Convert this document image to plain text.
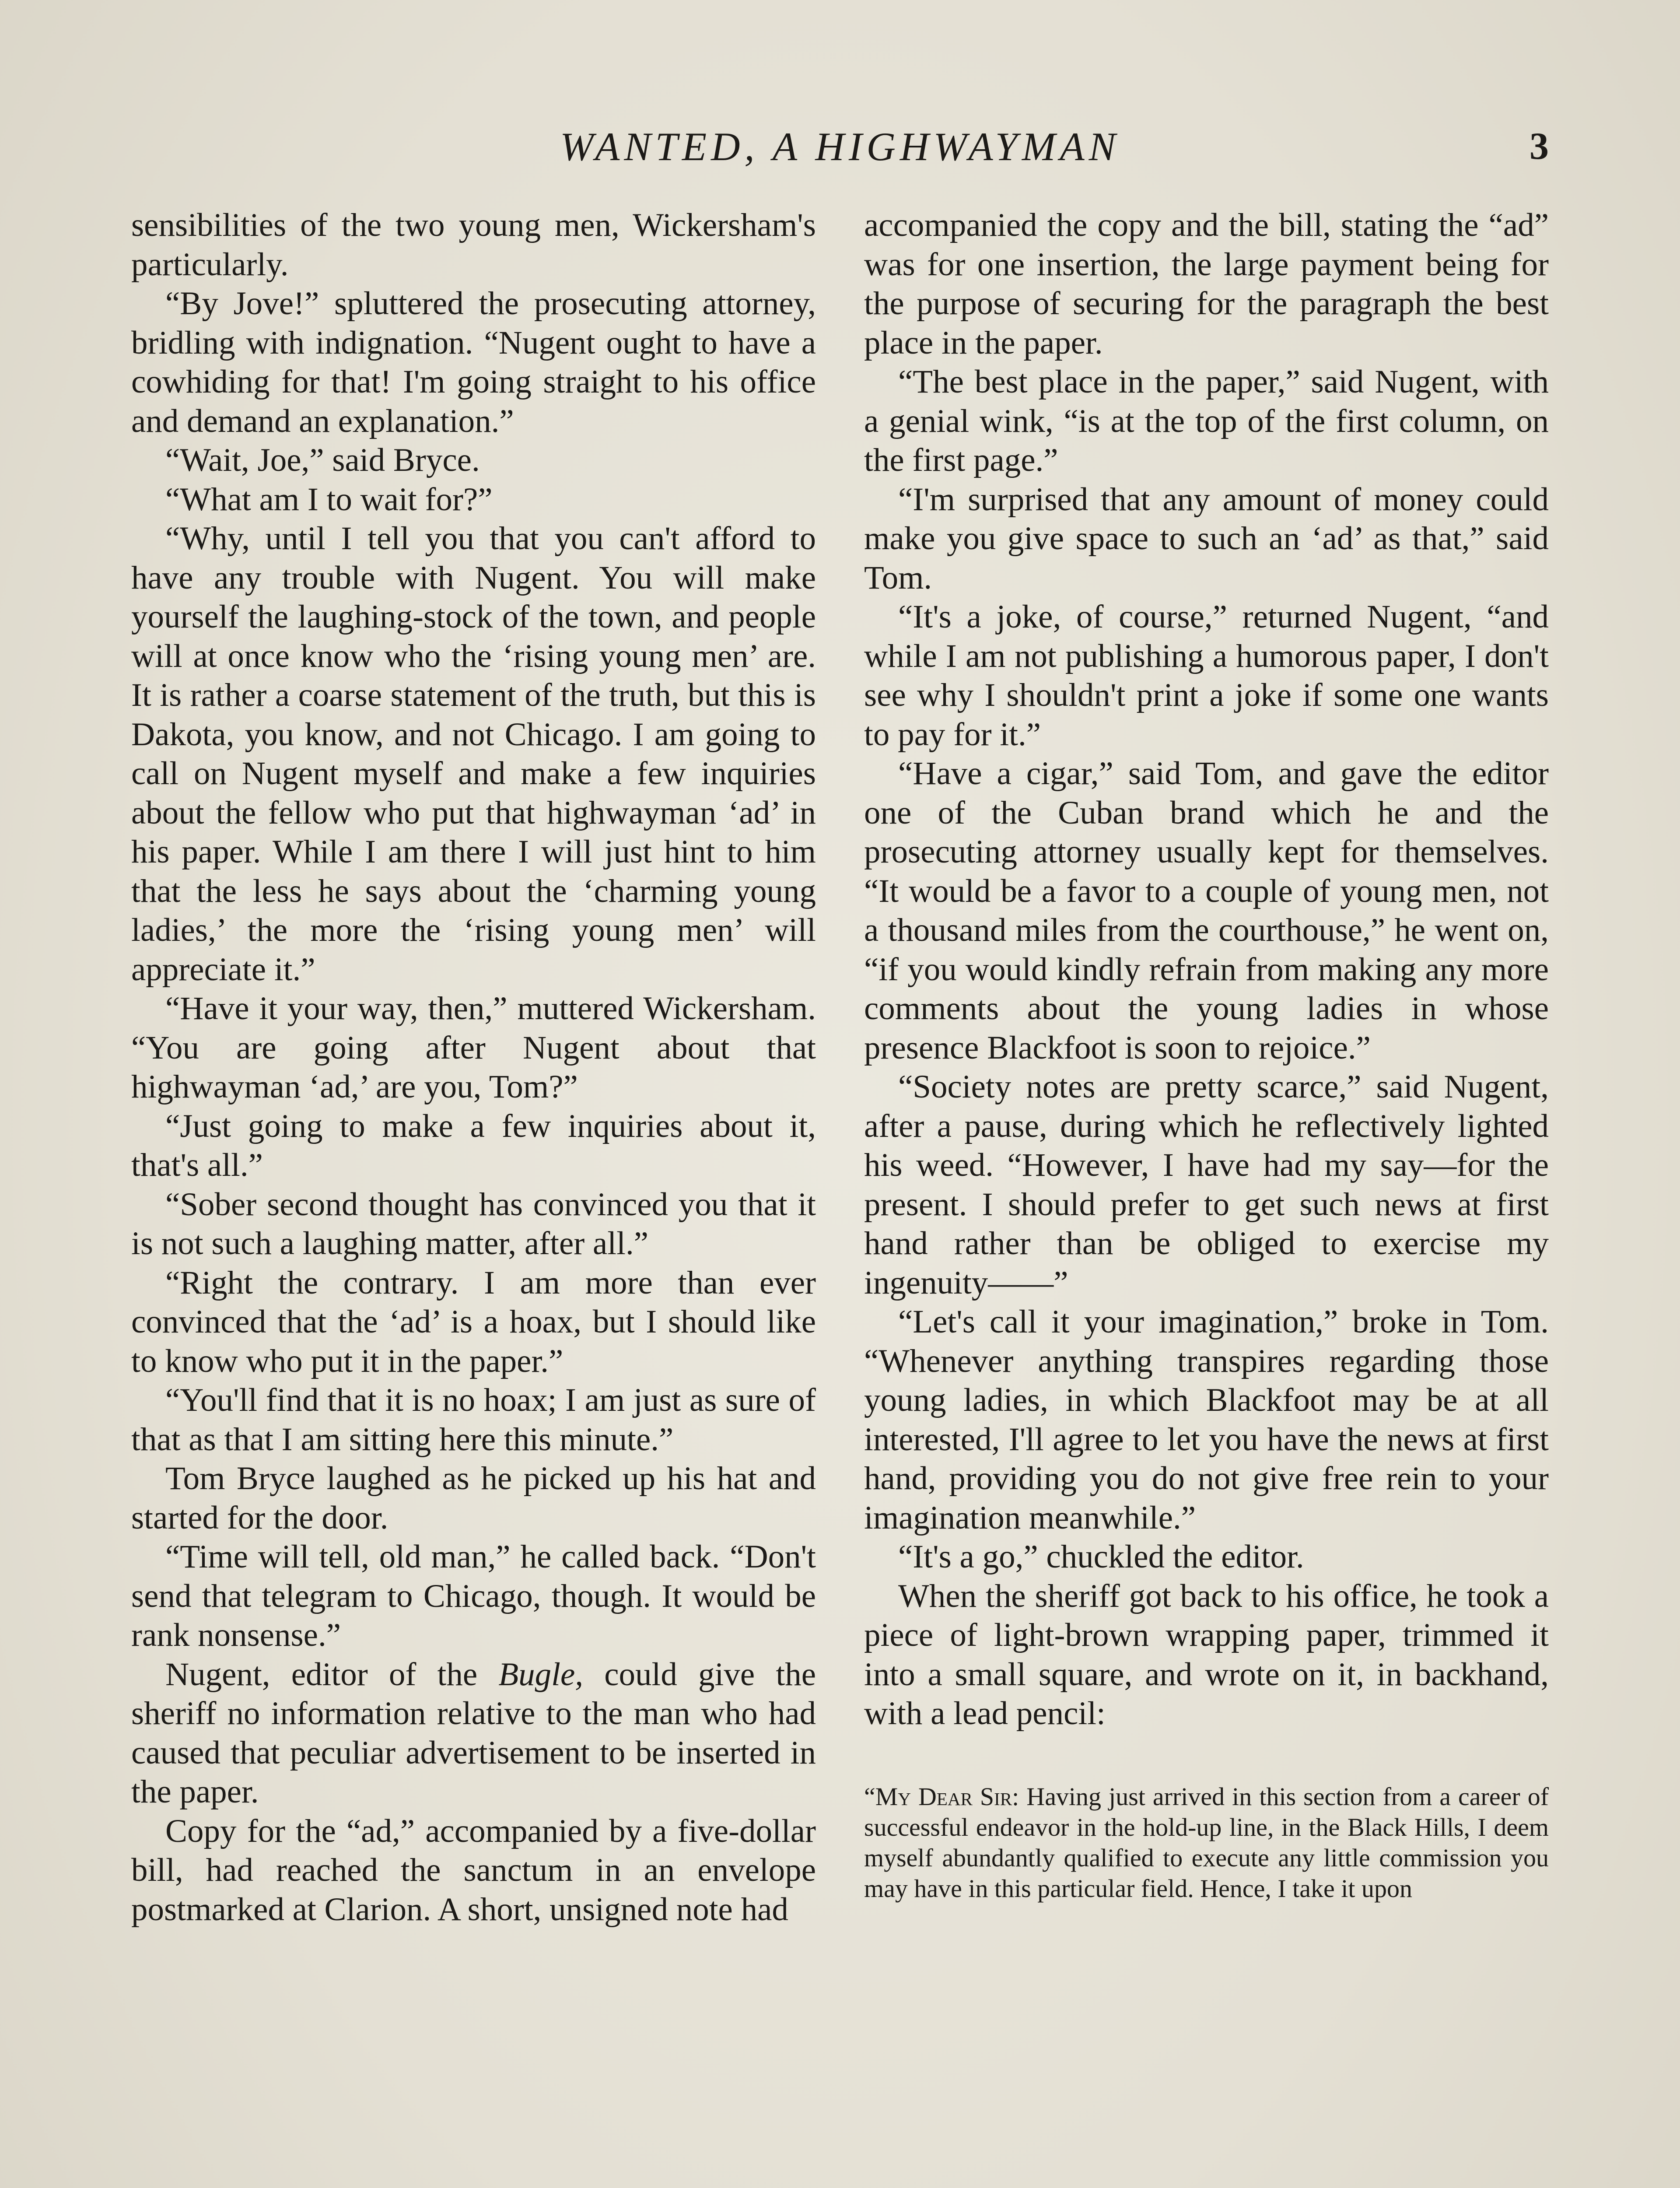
WANTED, A HIGHWAYMAN	3

sensibilities of the two young men, Wickersham's particularly.

“By Jove!” spluttered the prosecuting attorney, bridling with indignation. “Nugent ought to have a cowhiding for that! I'm going straight to his office and demand an explanation.”

“Wait, Joe,” said Bryce.

“What am I to wait for?”

“Why, until I tell you that you can't afford to have any trouble with Nugent. You will make yourself the laughing-stock of the town, and people will at once know who the ‘rising young men’ are. It is rather a coarse statement of the truth, but this is Dakota, you know, and not Chicago. I am going to call on Nugent myself and make a few inquiries about the fellow who put that highwayman ‘ad’ in his paper. While I am there I will just hint to him that the less he says about the ‘charming young ladies,’ the more the ‘rising young men’ will appreciate it.”

“Have it your way, then,” muttered Wickersham. “You are going after Nugent about that highwayman ‘ad,’ are you, Tom?”

“Just going to make a few inquiries about it, that's all.”

“Sober second thought has convinced you that it is not such a laughing matter, after all.”

“Right the contrary. I am more than ever convinced that the ‘ad’ is a hoax, but I should like to know who put it in the paper.”

“You'll find that it is no hoax; I am just as sure of that as that I am sitting here this minute.”

Tom Bryce laughed as he picked up his hat and started for the door.

“Time will tell, old man,” he called back. “Don't send that telegram to Chicago, though. It would be rank nonsense.”

Nugent, editor of the Bugle, could give the sheriff no information relative to the man who had caused that peculiar advertisement to be inserted in the paper.

Copy for the “ad,” accompanied by a five-dollar bill, had reached the sanctum in an envelope postmarked at Clarion. A short, unsigned note had

accompanied the copy and the bill, stating the “ad” was for one insertion, the large payment being for the purpose of securing for the paragraph the best place in the paper.

“The best place in the paper,” said Nugent, with a genial wink, “is at the top of the first column, on the first page.”

“I'm surprised that any amount of money could make you give space to such an ‘ad’ as that,” said Tom.

“It's a joke, of course,” returned Nugent, “and while I am not publishing a humorous paper, I don't see why I shouldn't print a joke if some one wants to pay for it.”

“Have a cigar,” said Tom, and gave the editor one of the Cuban brand which he and the prosecuting attorney usually kept for themselves. “It would be a favor to a couple of young men, not a thousand miles from the courthouse,” he went on, “if you would kindly refrain from making any more comments about the young ladies in whose presence Blackfoot is soon to rejoice.”

“Society notes are pretty scarce,” said Nugent, after a pause, during which he reflectively lighted his weed. “However, I have had my say—for the present. I should prefer to get such news at first hand rather than be obliged to exercise my ingenuity——”

“Let's call it your imagination,” broke in Tom. “Whenever anything transpires regarding those young ladies, in which Blackfoot may be at all interested, I'll agree to let you have the news at first hand, providing you do not give free rein to your imagination meanwhile.”

“It's a go,” chuckled the editor.

When the sheriff got back to his office, he took a piece of light-brown wrapping paper, trimmed it into a small square, and wrote on it, in backhand, with a lead pencil:

“My Dear Sir: Having just arrived in this section from a career of successful endeavor in the hold-up line, in the Black Hills, I deem myself abundantly qualified to execute any little commission you may have in this particular field. Hence, I take it upon
